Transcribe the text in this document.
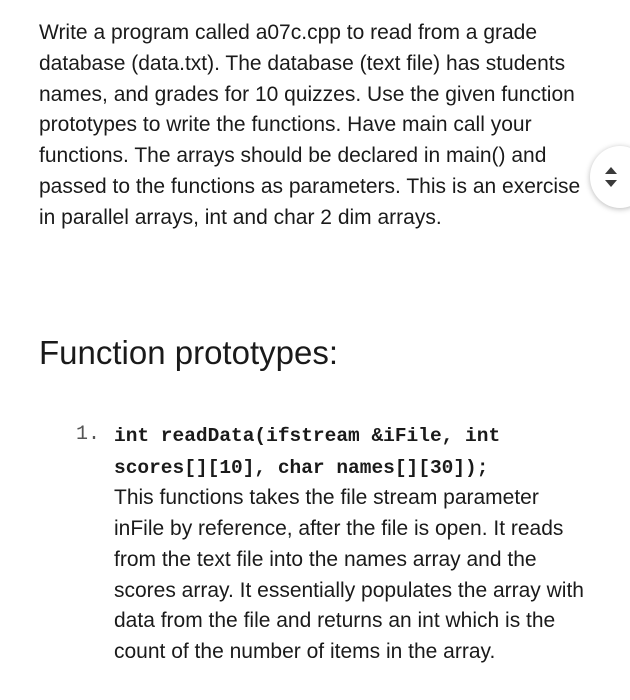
Write a program called a07c.cpp to read from a grade database (data.txt). The database (text file) has students names, and grades for 10 quizzes. Use the given function prototypes to write the functions. Have main call your functions. The arrays should be declared in main() and passed to the functions as parameters. This is an exercise in parallel arrays, int and char 2 dim arrays.

Function prototypes:
1. int readData(ifstream &iFile, int scores[][10], char names[][30]);
This functions takes the file stream parameter inFile by reference, after the file is open. It reads from the text file into the names array and the scores array. It essentially populates the array with data from the file and returns an int which is the count of the number of items in the array.
